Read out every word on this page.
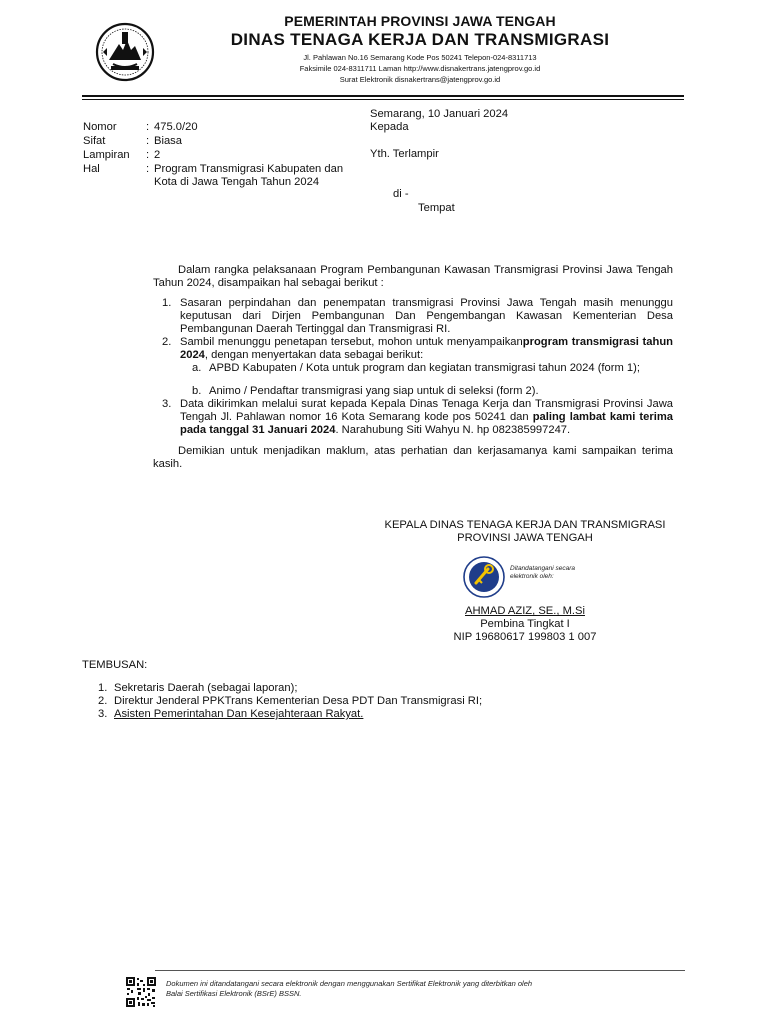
PEMERINTAH PROVINSI JAWA TENGAH
DINAS TENAGA KERJA DAN TRANSMIGRASI
Jl. Pahlawan No.16 Semarang Kode Pos 50241 Telepon-024-8311713
Faksimile 024-8311711 Laman http://www.disnakertrans.jatengprov.go.id
Surat Elektronik disnakertrans@jatengprov.go.id
Semarang, 10 Januari 2024
Kepada
Yth. Terlampir
di -
Tempat
Nomor	: 475.0/20
Sifat	: Biasa
Lampiran : 2
Hal	: Program Transmigrasi Kabupaten dan
Kota di Jawa Tengah Tahun 2024
Dalam rangka pelaksanaan Program Pembangunan Kawasan Transmigrasi Provinsi Jawa Tengah Tahun 2024, disampaikan hal sebagai berikut :
1. Sasaran perpindahan dan penempatan transmigrasi Provinsi Jawa Tengah masih menunggu keputusan dari Dirjen Pembangunan Dan Pengembangan Kawasan Kementerian Desa Pembangunan Daerah Tertinggal dan Transmigrasi RI.
2. Sambil menunggu penetapan tersebut, mohon untuk menyampaikanprogram transmigrasi tahun 2024, dengan menyertakan data sebagai berikut:
a. APBD Kabupaten / Kota untuk program dan kegiatan transmigrasi tahun 2024 (form 1);
b. Animo / Pendaftar transmigrasi yang siap untuk di seleksi (form 2).
3. Data dikirimkan melalui surat kepada Kepala Dinas Tenaga Kerja dan Transmigrasi Provinsi Jawa Tengah Jl. Pahlawan nomor 16 Kota Semarang kode pos 50241 dan paling lambat kami terima pada tanggal 31 Januari 2024. Narahubung Siti Wahyu N. hp 082385997247.
Demikian untuk menjadikan maklum, atas perhatian dan kerjasamanya kami sampaikan terima kasih.
KEPALA DINAS TENAGA KERJA DAN TRANSMIGRASI
PROVINSI JAWA TENGAH
Ditandatangani secara
elektronik oleh:
AHMAD AZIZ, SE., M.Si
Pembina Tingkat I
NIP 19680617 199803 1 007
TEMBUSAN:
1. Sekretaris Daerah (sebagai laporan);
2. Direktur Jenderal PPKTrans Kementerian Desa PDT Dan Transmigrasi RI;
3. Asisten Pemerintahan Dan Kesejahteraan Rakyat.
Dokumen ini ditandatangani secara elektronik dengan menggunakan Sertifikat Elektronik yang diterbitkan oleh
Balai Sertifikasi Elektronik (BSrE) BSSN.
